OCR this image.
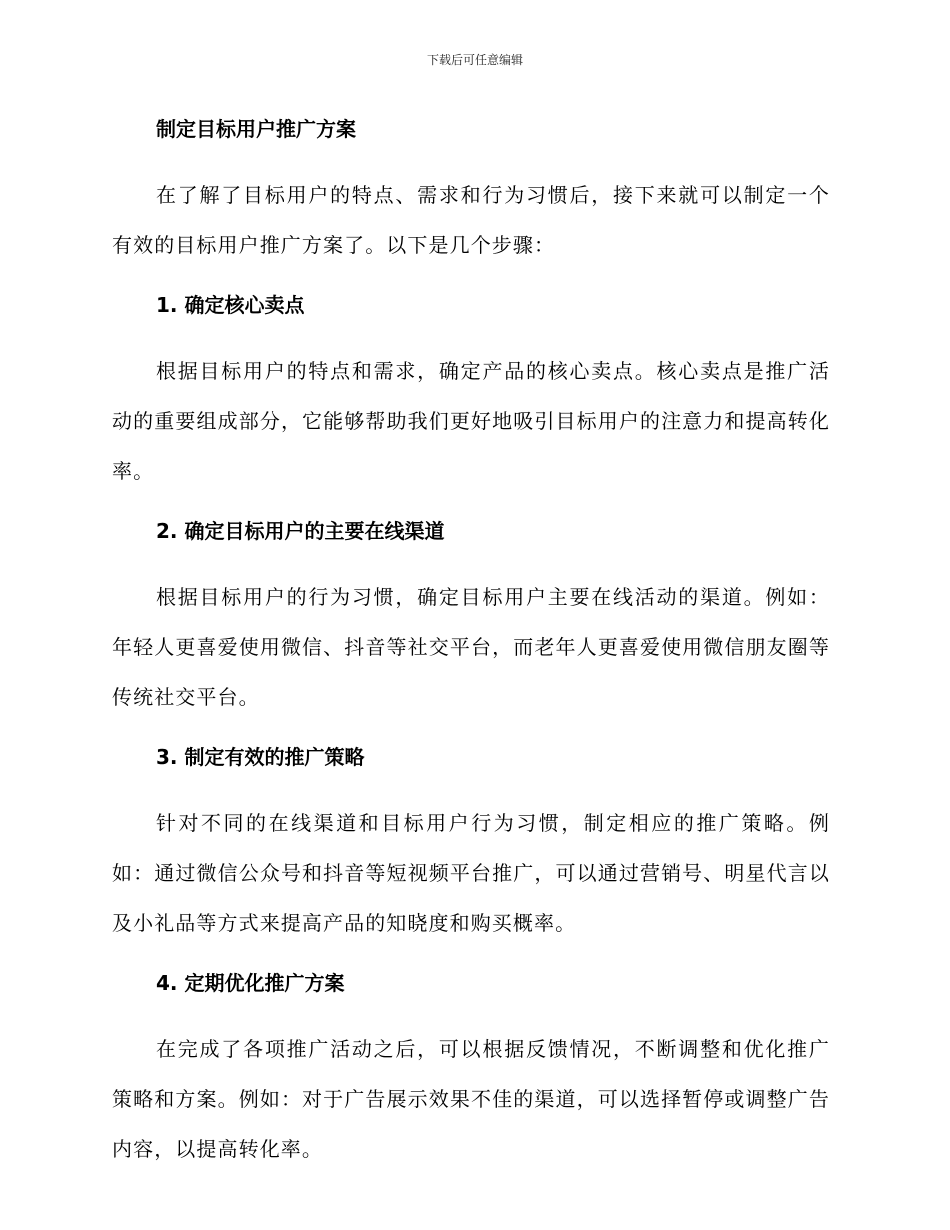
下载后可任意编辑

制定目标用户推广方案

在了解了目标用户的特点、需求和行为习惯后，接下来就可以制定一个有效的目标用户推广方案了。以下是几个步骤：

1. 确定核心卖点

根据目标用户的特点和需求，确定产品的核心卖点。核心卖点是推广活动的重要组成部分，它能够帮助我们更好地吸引目标用户的注意力和提高转化率。

2. 确定目标用户的主要在线渠道

根据目标用户的行为习惯，确定目标用户主要在线活动的渠道。例如：年轻人更喜爱使用微信、抖音等社交平台，而老年人更喜爱使用微信朋友圈等传统社交平台。

3. 制定有效的推广策略

针对不同的在线渠道和目标用户行为习惯，制定相应的推广策略。例如：通过微信公众号和抖音等短视频平台推广，可以通过营销号、明星代言以及小礼品等方式来提高产品的知晓度和购买概率。

4. 定期优化推广方案

在完成了各项推广活动之后，可以根据反馈情况，不断调整和优化推广策略和方案。例如：对于广告展示效果不佳的渠道，可以选择暂停或调整广告内容，以提高转化率。
